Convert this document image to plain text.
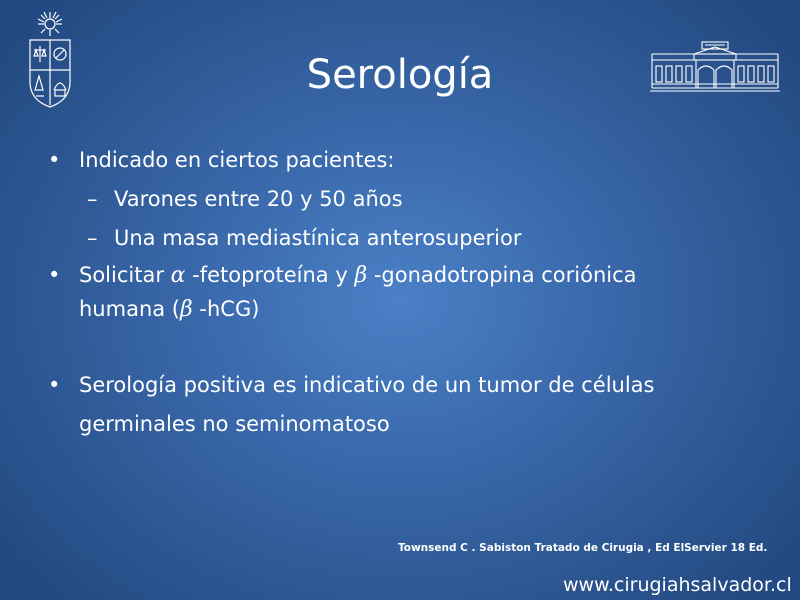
Serología
• Indicado en ciertos pacientes:
– Varones entre 20 y 50 años
– Una masa mediastínica anterosuperior
• Solicitar α -fetoproteína y β -gonadotropina coriónica
humana (β -hCG)
• Serología positiva es indicativo de un tumor de células
germinales no seminomatoso
Townsend C . Sabiston Tratado de Cirugia , Ed ElServier 18 Ed.
www.cirugiahsalvador.cl
